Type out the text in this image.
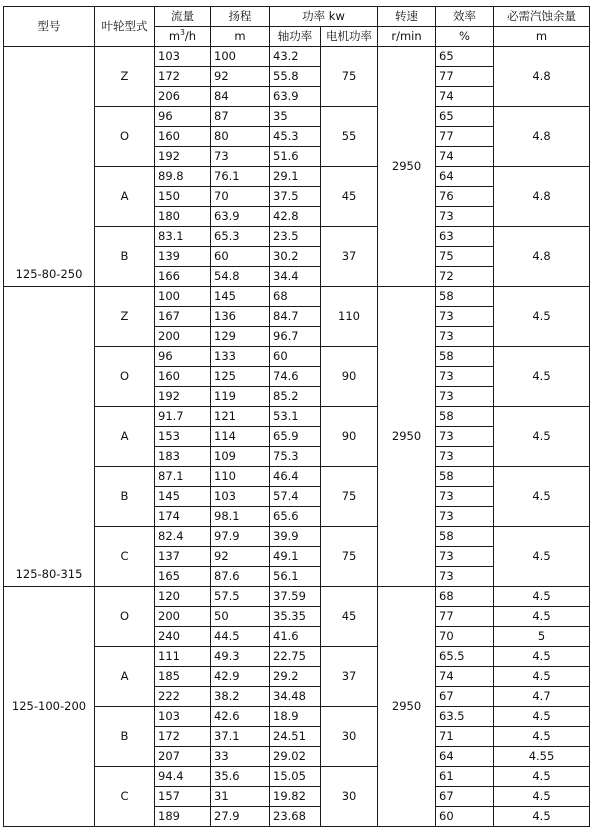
型号	叶轮型式	流量	扬程	功率 kw		转速	效率	必需汽蚀余量
		$m^3/h$	m	轴功率	电机功率	r/min	%	m
125-80-250	Z	103	100	43.2	75	2950	65	4.8
		172	92	55.8			77	
		206	84	63.9			74	
	O	96	87	35	55		65	4.8
		160	80	45.3			77	
		192	73	51.6			74	
	A	89.8	76.1	29.1	45		64	4.8
		150	70	37.5			76	
		180	63.9	42.8			73	
	B	83.1	65.3	23.5	37		63	4.8
		139	60	30.2			75	
		166	54.8	34.4			72	
125-80-315	Z	100	145	68	110	2950	58	4.5
		167	136	84.7			73	
		200	129	96.7			73	
	O	96	133	60	90		58	4.5
		160	125	74.6			73	
		192	119	85.2			73	
	A	91.7	121	53.1	90		58	4.5
		153	114	65.9			73	
		183	109	75.3			73	
	B	87.1	110	46.4	75		58	4.5
		145	103	57.4			73	
		174	98.1	65.6			73	
	C	82.4	97.9	39.9	75		58	4.5
		137	92	49.1			73	
		165	87.6	56.1			73	
125-100-200	O	120	57.5	37.59	45	2950	68	4.5
		200	50	35.35			77	4.5
		240	44.5	41.6			70	5
	A	111	49.3	22.75	37		65.5	4.5
		185	42.9	29.2			74	4.5
		222	38.2	34.48			67	4.7
	B	103	42.6	18.9	30		63.5	4.5
		172	37.1	24.51			71	4.5
		207	33	29.02			64	4.55
	C	94.4	35.6	15.05	30		61	4.5
		157	31	19.82			67	4.5
		189	27.9	23.68			60	4.5
